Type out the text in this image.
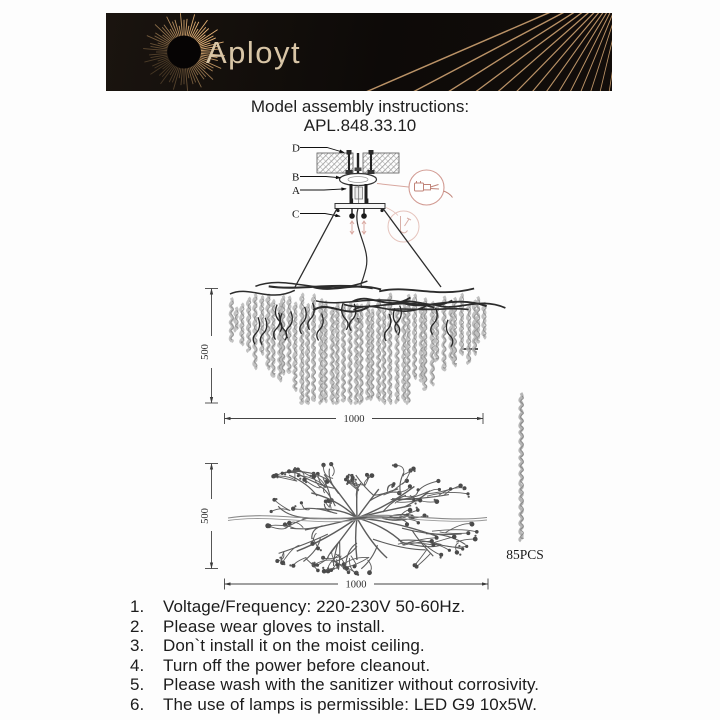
Aployt
Model assembly instructions:
APL.848.33.10
D
B
A
C
500
1000
500
1000
85PCS
1.	Voltage/Frequency: 220-230V 50-60Hz.
2.	Please wear gloves to install.
3.	Don`t install it on the moist ceiling.
4.	Turn off the power before cleanout.
5.	Please wash with the sanitizer without corrosivity.
6.	The use of lamps is permissible: LED G9 10x5W.
